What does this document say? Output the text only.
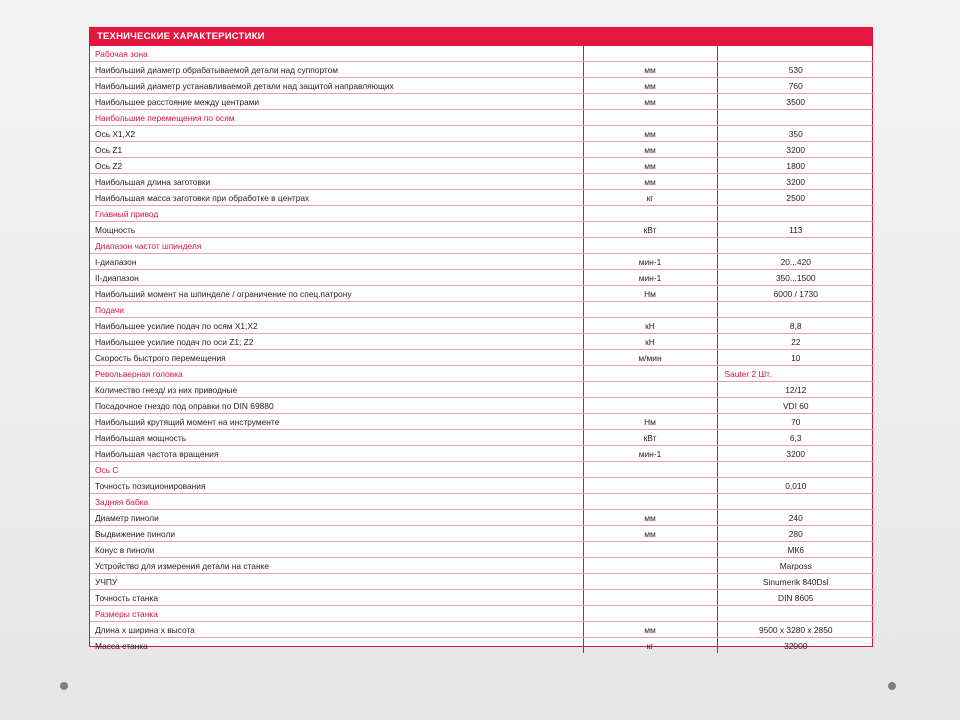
ТЕХНИЧЕСКИЕ ХАРАКТЕРИСТИКИ
Рабочая зона		
Наибольший диаметр обрабатываемой детали над суппортом	мм	530
Наибольший диаметр устанавливаемой детали над защитой направляющих	мм	760
Наибольшее расстояние между центрами	мм	3500
Наибольшие перемещения по осям		
Ось X1,X2	мм	350
Ось Z1	мм	3200
Ось Z2	мм	1800
Наибольшая длина заготовки	мм	3200
Наибольшая масса заготовки при обработке в центрах	кг	2500
Главный привод		
Мощность	кВт	113
Диапазон частот шпинделя		
I-диапазон	мин-1	20...420
II-диапазон	мин-1	350...1500
Наибольший момент на шпинделе / ограничение по спец.патрону	Нм	6000 / 1730
Подачи		
Наибольшее усилие подач по осям X1;X2	кН	8,8
Наибольшее усилие подач по оси Z1; Z2	кН	22
Скорость быстрого перемещения	м/мин	10
Револьверная головка		Sauter 2 Шт.
Количество гнезд/ из них приводные		12/12
Посадочное гнездо под оправки по DIN 69880		VDI 60
Наибольший крутящий момент на инструменте	Нм	70
Наибольшая мощность	кВт	6,3
Наибольшая частота вращения	мин-1	3200
Ось С		
Точность позиционирования		0,010
Задняя бабка		
Диаметр пиноли	мм	240
Выдвижение пиноли	мм	280
Конус в пиноли		МК6
Устройство для измерения детали на станке		Marposs
УЧПУ		Sinumerik 840Dsl
Точность станка		DIN 8605
Размеры станка		
Длина х ширина х высота	мм	9500 х 3280 х 2850
Масса станка	кг	32000
